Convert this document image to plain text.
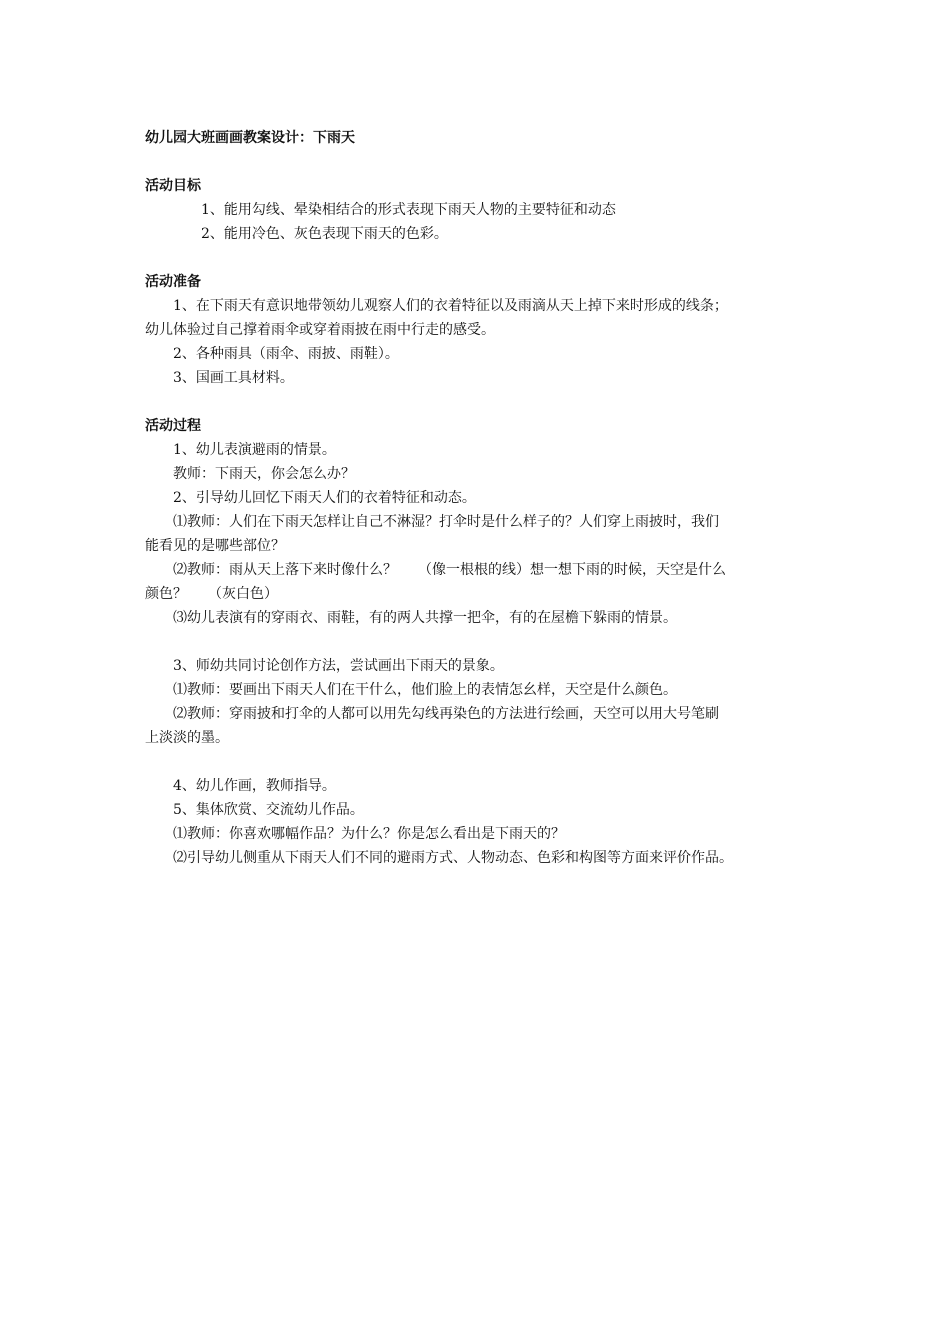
幼儿园大班画画教案设计：下雨天
活动目标
1、能用勾线、晕染相结合的形式表现下雨天人物的主要特征和动态
2、能用冷色、灰色表现下雨天的色彩。
活动准备
1、在下雨天有意识地带领幼儿观察人们的衣着特征以及雨滴从天上掉下来时形成的线条；
幼儿体验过自己撑着雨伞或穿着雨披在雨中行走的感受。
2、各种雨具（雨伞、雨披、雨鞋）。
3、国画工具材料。
活动过程
1、幼儿表演避雨的情景。
教师：下雨天，你会怎么办？
2、引导幼儿回忆下雨天人们的衣着特征和动态。
⑴教师：人们在下雨天怎样让自己不淋湿？打伞时是什么样子的？人们穿上雨披时，我们
能看见的是哪些部位？
⑵教师：雨从天上落下来时像什么？　　（像一根根的线）想一想下雨的时候，天空是什么
颜色？　　（灰白色）
⑶幼儿表演有的穿雨衣、雨鞋，有的两人共撑一把伞，有的在屋檐下躲雨的情景。
3、师幼共同讨论创作方法，尝试画出下雨天的景象。
⑴教师：要画出下雨天人们在干什么，他们脸上的表情怎幺样，天空是什么颜色。
⑵教师：穿雨披和打伞的人都可以用先勾线再染色的方法进行绘画，天空可以用大号笔刷
上淡淡的墨。
4、幼儿作画，教师指导。
5、集体欣赏、交流幼儿作品。
⑴教师：你喜欢哪幅作品？为什么？你是怎么看出是下雨天的？
⑵引导幼儿侧重从下雨天人们不同的避雨方式、人物动态、色彩和构图等方面来评价作品。
